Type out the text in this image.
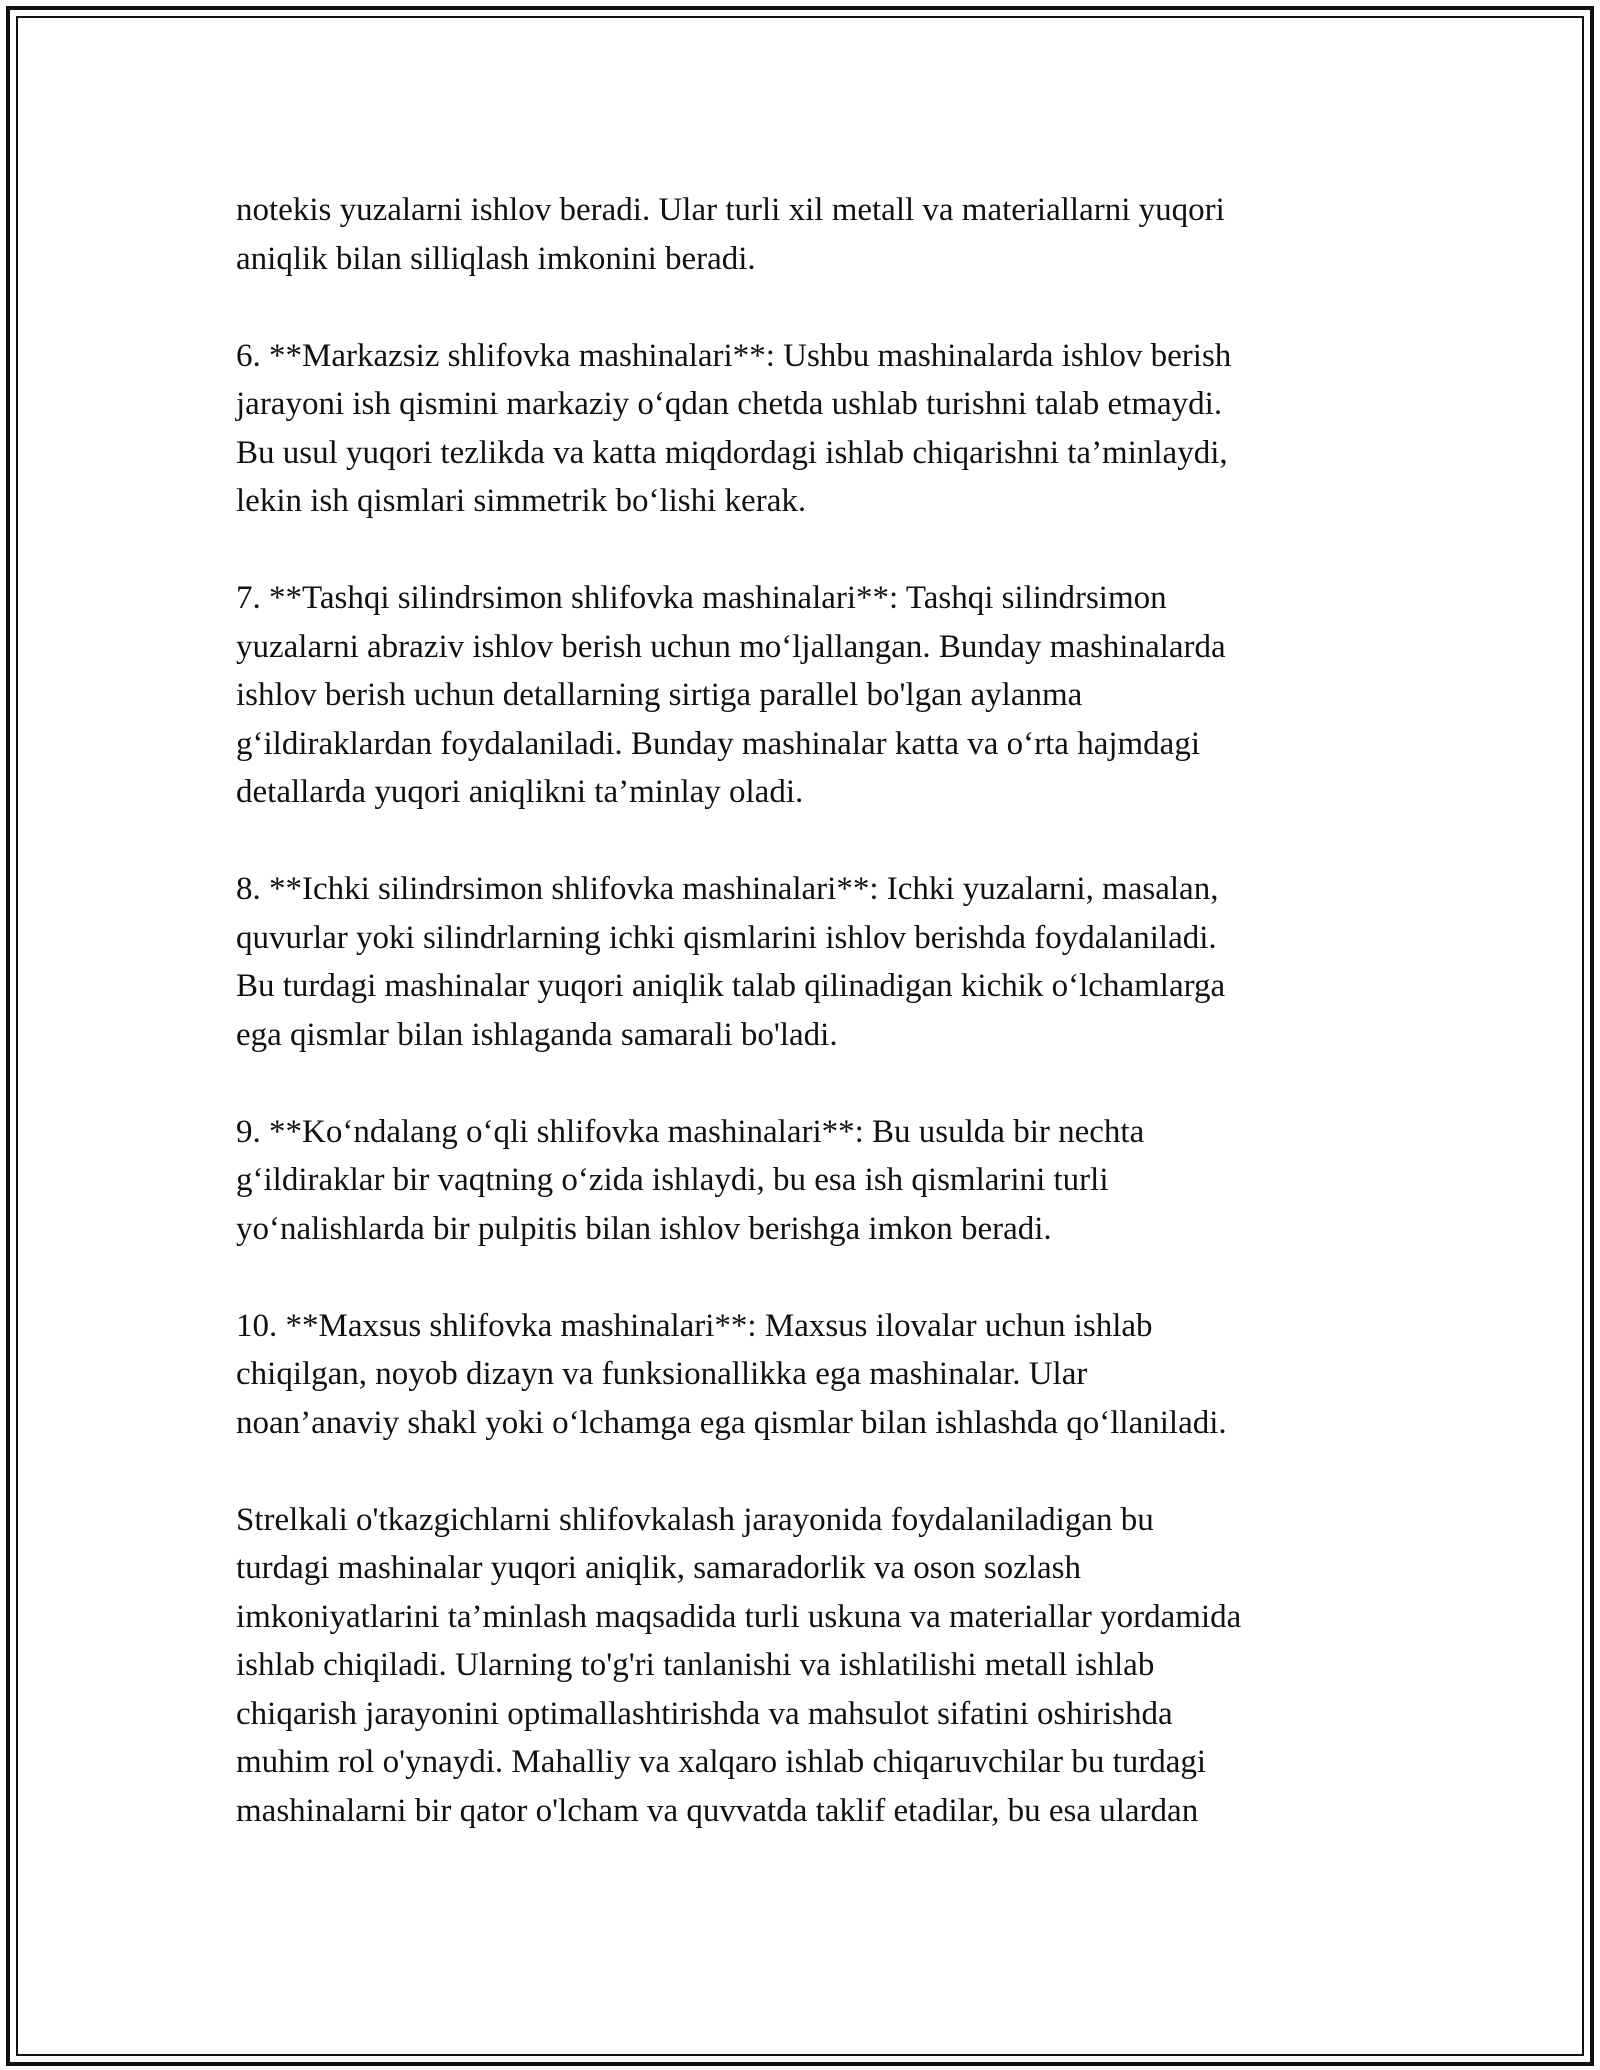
notekis yuzalarni ishlov beradi. Ular turli xil metall va materiallarni yuqori
aniqlik bilan silliqlash imkonini beradi.

6. **Markazsiz shlifovka mashinalari**: Ushbu mashinalarda ishlov berish
jarayoni ish qismini markaziy o‘qdan chetda ushlab turishni talab etmaydi.
Bu usul yuqori tezlikda va katta miqdordagi ishlab chiqarishni ta’minlaydi,
lekin ish qismlari simmetrik bo‘lishi kerak.

7. **Tashqi silindrsimon shlifovka mashinalari**: Tashqi silindrsimon
yuzalarni abraziv ishlov berish uchun mo‘ljallangan. Bunday mashinalarda
ishlov berish uchun detallarning sirtiga parallel bo'lgan aylanma
g‘ildiraklardan foydalaniladi. Bunday mashinalar katta va o‘rta hajmdagi
detallarda yuqori aniqlikni ta’minlay oladi.

8. **Ichki silindrsimon shlifovka mashinalari**: Ichki yuzalarni, masalan,
quvurlar yoki silindrlarning ichki qismlarini ishlov berishda foydalaniladi.
Bu turdagi mashinalar yuqori aniqlik talab qilinadigan kichik o‘lchamlarga
ega qismlar bilan ishlaganda samarali bo'ladi.

9. **Ko‘ndalang o‘qli shlifovka mashinalari**: Bu usulda bir nechta
g‘ildiraklar bir vaqtning o‘zida ishlaydi, bu esa ish qismlarini turli
yo‘nalishlarda bir pulpitis bilan ishlov berishga imkon beradi.

10. **Maxsus shlifovka mashinalari**: Maxsus ilovalar uchun ishlab
chiqilgan, noyob dizayn va funksionallikka ega mashinalar. Ular
noan’anaviy shakl yoki o‘lchamga ega qismlar bilan ishlashda qo‘llaniladi.

Strelkali o'tkazgichlarni shlifovkalash jarayonida foydalaniladigan bu
turdagi mashinalar yuqori aniqlik, samaradorlik va oson sozlash
imkoniyatlarini ta’minlash maqsadida turli uskuna va materiallar yordamida
ishlab chiqiladi. Ularning to'g'ri tanlanishi va ishlatilishi metall ishlab
chiqarish jarayonini optimallashtirishda va mahsulot sifatini oshirishda
muhim rol o'ynaydi. Mahalliy va xalqaro ishlab chiqaruvchilar bu turdagi
mashinalarni bir qator o'lcham va quvvatda taklif etadilar, bu esa ulardan
